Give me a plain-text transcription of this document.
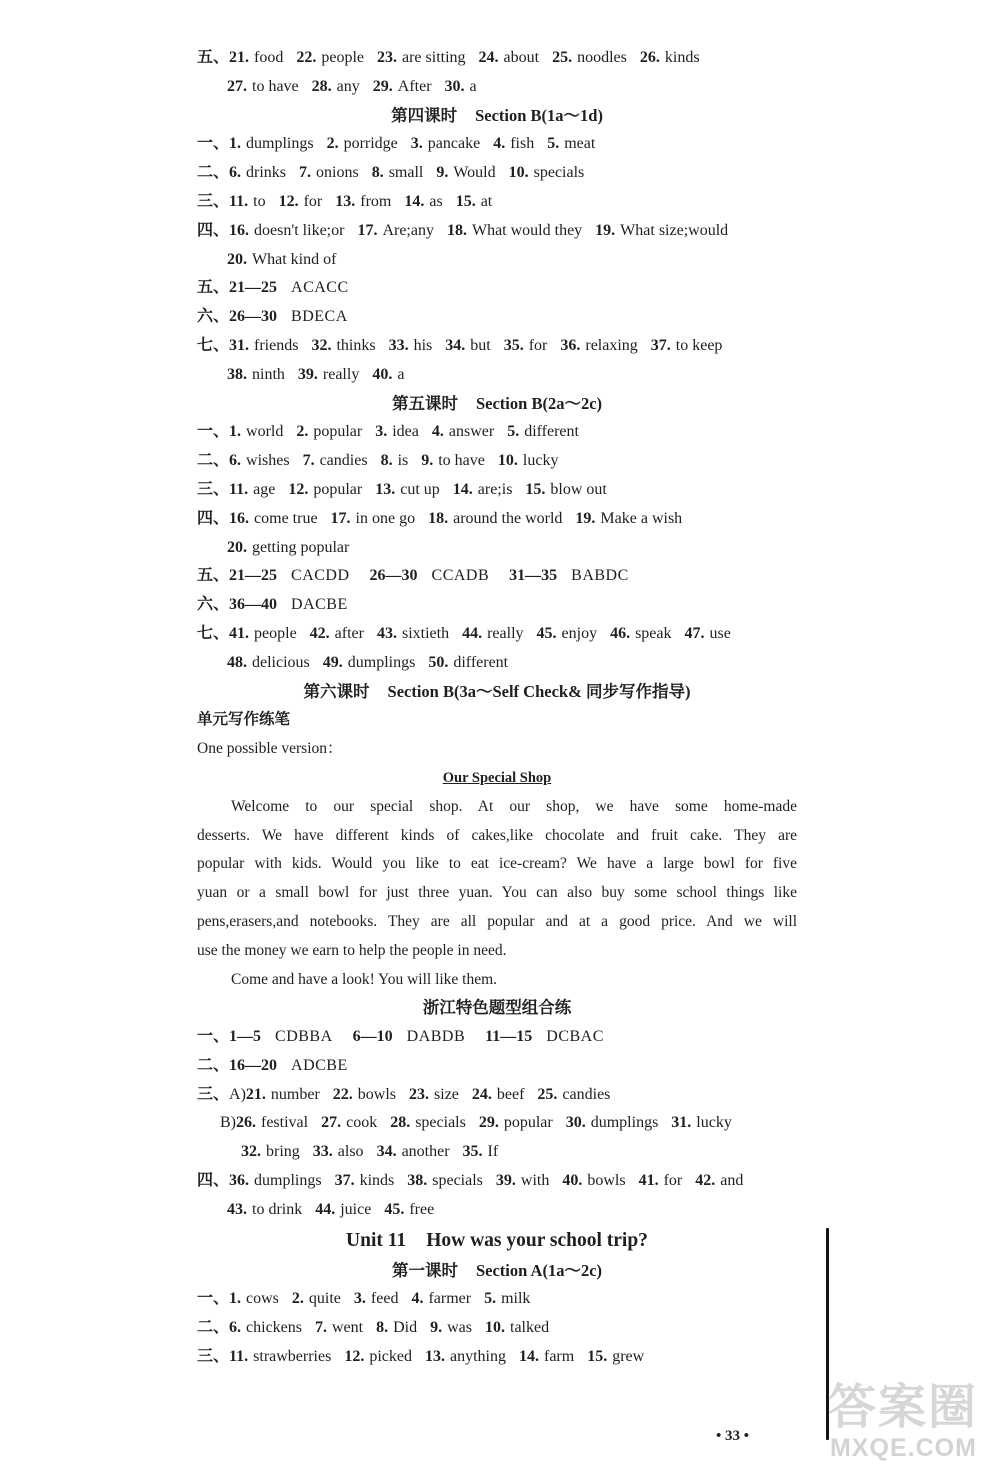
五、21. food 22. people 23. are sitting 24. about 25. noodles 26. kinds
27. to have 28. any 29. After 30. a
第四课时 Section B(1a～1d)
一、1. dumplings 2. porridge 3. pancake 4. fish 5. meat
二、6. drinks 7. onions 8. small 9. Would 10. specials
三、11. to 12. for 13. from 14. as 15. at
四、16. doesn't like;or 17. Are;any 18. What would they 19. What size;would
20. What kind of
五、21—25 ACACC
六、26—30 BDECA
七、31. friends 32. thinks 33. his 34. but 35. for 36. relaxing 37. to keep
38. ninth 39. really 40. a
第五课时 Section B(2a～2c)
一、1. world 2. popular 3. idea 4. answer 5. different
二、6. wishes 7. candies 8. is 9. to have 10. lucky
三、11. age 12. popular 13. cut up 14. are;is 15. blow out
四、16. come true 17. in one go 18. around the world 19. Make a wish
20. getting popular
五、21—25 CACDD 26—30 CCADB 31—35 BABDC
六、36—40 DACBE
七、41. people 42. after 43. sixtieth 44. really 45. enjoy 46. speak 47. use
48. delicious 49. dumplings 50. different
第六课时 Section B(3a～Self Check& 同步写作指导)
单元写作练笔
One possible version：
Our Special Shop
Welcome to our special shop. At our shop, we have some home-made
desserts. We have different kinds of cakes,like chocolate and fruit cake. They are
popular with kids. Would you like to eat ice-cream? We have a large bowl for five
yuan or a small bowl for just three yuan. You can also buy some school things like
pens,erasers,and notebooks. They are all popular and at a good price. And we will
use the money we earn to help the people in need.
Come and have a look! You will like them.
浙江特色题型组合练
一、1—5 CDBBA 6—10 DABDB 11—15 DCBAC
二、16—20 ADCBE
三、A)21. number 22. bowls 23. size 24. beef 25. candies
B)26. festival 27. cook 28. specials 29. popular 30. dumplings 31. lucky
32. bring 33. also 34. another 35. If
四、36. dumplings 37. kinds 38. specials 39. with 40. bowls 41. for 42. and
43. to drink 44. juice 45. free
Unit 11 How was your school trip?
第一课时 Section A(1a～2c)
一、1. cows 2. quite 3. feed 4. farmer 5. milk
二、6. chickens 7. went 8. Did 9. was 10. talked
三、11. strawberries 12. picked 13. anything 14. farm 15. grew
• 33 •
答案圈
MXQE.COM
